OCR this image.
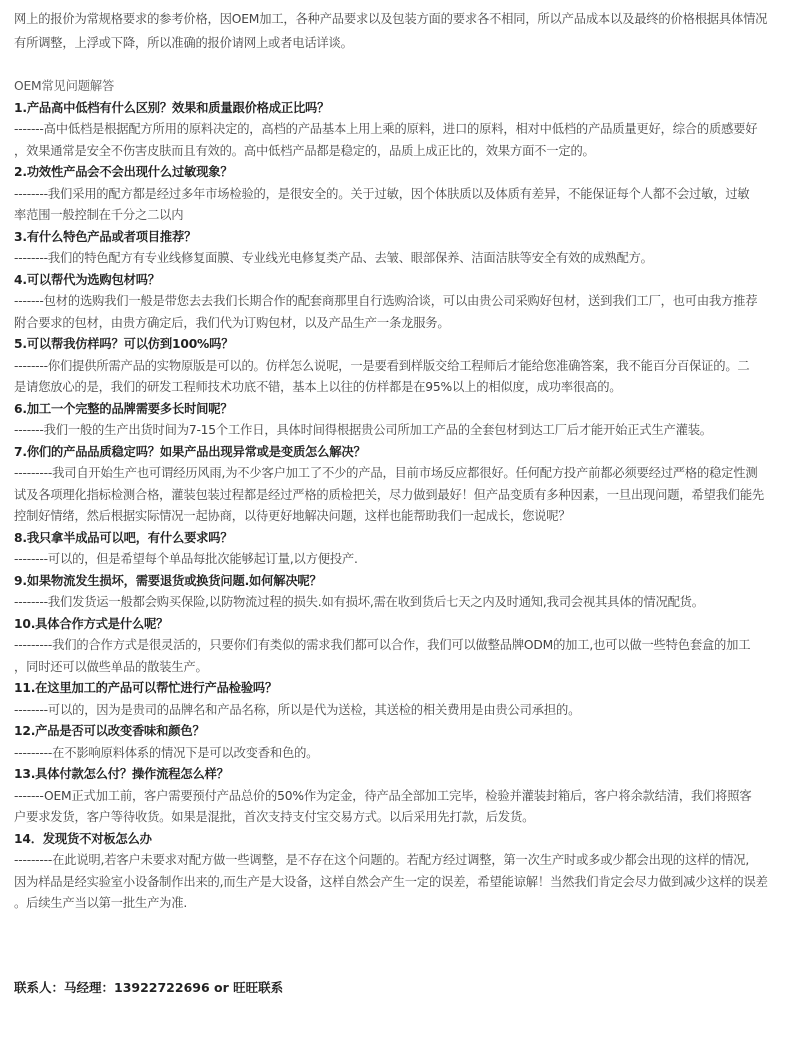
网上的报价为常规格要求的参考价格，因OEM加工，各种产品要求以及包装方面的要求各不相同，所以产品成本以及最终的价格根据具体情况
有所调整，上浮或下降，所以准确的报价请网上或者电话详谈。
OEM常见问题解答
1.产品高中低档有什么区别？效果和质量跟价格成正比吗？
-------高中低档是根据配方所用的原料决定的，高档的产品基本上用上乘的原料，进口的原料，相对中低档的产品质量更好，综合的质感要好
，效果通常是安全不伤害皮肤而且有效的。高中低档产品都是稳定的，品质上成正比的，效果方面不一定的。
2.功效性产品会不会出现什么过敏现象？
--------我们采用的配方都是经过多年市场检验的，是很安全的。关于过敏，因个体肤质以及体质有差异，不能保证每个人都不会过敏，过敏
率范围一般控制在千分之二以内
3.有什么特色产品或者项目推荐？
--------我们的特色配方有专业线修复面膜、专业线光电修复类产品、去皱、眼部保养、洁面洁肤等安全有效的成熟配方。
4.可以帮代为选购包材吗？
-------包材的选购我们一般是带您去去我们长期合作的配套商那里自行选购洽谈，可以由贵公司采购好包材，送到我们工厂，也可由我方推荐
附合要求的包材，由贵方确定后，我们代为订购包材，以及产品生产一条龙服务。
5.可以帮我仿样吗？可以仿到100%吗？
--------你们提供所需产品的实物原版是可以的。仿样怎么说呢，一是要看到样版交给工程师后才能给您准确答案，我不能百分百保证的。二
是请您放心的是，我们的研发工程师技术功底不错，基本上以往的仿样都是在95%以上的相似度，成功率很高的。
6.加工一个完整的品牌需要多长时间呢？
-------我们一般的生产出货时间为7-15个工作日，具体时间得根据贵公司所加工产品的全套包材到达工厂后才能开始正式生产灌装。
7.你们的产品品质稳定吗？如果产品出现异常或是变质怎么解决？
---------我司自开始生产也可谓经历风雨,为不少客户加工了不少的产品，目前市场反应都很好。任何配方投产前都必须要经过严格的稳定性测
试及各项理化指标检测合格，灌装包装过程都是经过严格的质检把关，尽力做到最好！但产品变质有多种因素，一旦出现问题，希望我们能先
控制好情绪，然后根据实际情况一起协商，以待更好地解决问题，这样也能帮助我们一起成长，您说呢？
8.我只拿半成品可以吧，有什么要求吗？
--------可以的，但是希望每个单品每批次能够起订量,以方便投产.
9.如果物流发生损坏，需要退货或换货问题.如何解决呢？
--------我们发货运一般都会购买保险,以防物流过程的损失.如有损坏,需在收到货后七天之内及时通知,我司会视其具体的情况配货。
10.具体合作方式是什么呢？
---------我们的合作方式是很灵活的，只要你们有类似的需求我们都可以合作，我们可以做整品牌ODM的加工,也可以做一些特色套盒的加工
，同时还可以做些单品的散装生产。
11.在这里加工的产品可以帮忙进行产品检验吗？
--------可以的，因为是贵司的品牌名和产品名称，所以是代为送检，其送检的相关费用是由贵公司承担的。
12.产品是否可以改变香味和颜色？
---------在不影响原料体系的情况下是可以改变香和色的。
13.具体付款怎么付？操作流程怎么样？
-------OEM正式加工前，客户需要预付产品总价的50%作为定金，待产品全部加工完毕，检验并灌装封箱后，客户将余款结清，我们将照客
户要求发货，客户等待收货。如果是混批，首次支持支付宝交易方式。以后采用先打款，后发货。
14．发现货不对板怎么办
---------在此说明,若客户未要求对配方做一些调整，是不存在这个问题的。若配方经过调整，第一次生产时或多或少都会出现的这样的情况,
因为样品是经实验室小设备制作出来的,而生产是大设备，这样自然会产生一定的误差，希望能谅解！当然我们肯定会尽力做到减少这样的误差
。后续生产当以第一批生产为准.
联系人：马经理：13922722696 or 旺旺联系
